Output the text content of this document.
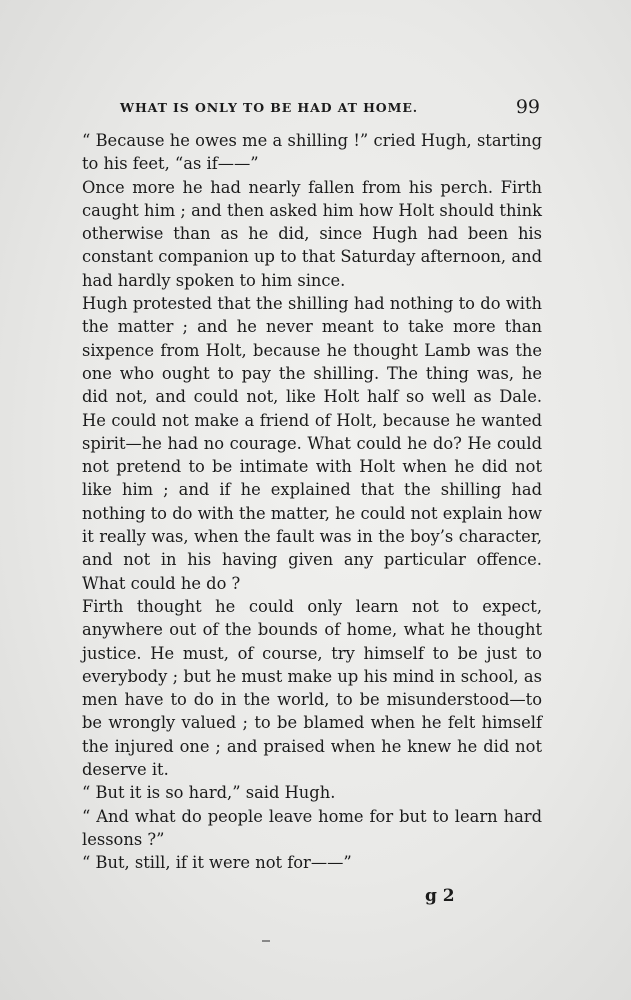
WHAT IS ONLY TO BE HAD AT HOME.	99

“ Because he owes me a shilling !” cried Hugh, starting to his feet, “as if——”

Once more he had nearly fallen from his perch. Firth caught him ; and then asked him how Holt should think otherwise than as he did, since Hugh had been his constant companion up to that Saturday afternoon, and had hardly spoken to him since.

Hugh protested that the shilling had nothing to do with the matter ; and he never meant to take more than sixpence from Holt, because he thought Lamb was the one who ought to pay the shilling. The thing was, he did not, and could not, like Holt half so well as Dale. He could not make a friend of Holt, because he wanted spirit—he had no courage. What could he do? He could not pretend to be intimate with Holt when he did not like him ; and if he explained that the shilling had nothing to do with the matter, he could not explain how it really was, when the fault was in the boy’s character, and not in his having given any particular offence. What could he do ?

Firth thought he could only learn not to expect, anywhere out of the bounds of home, what he thought justice. He must, of course, try himself to be just to everybody ; but he must make up his mind in school, as men have to do in the world, to be misunderstood—to be wrongly valued ; to be blamed when he felt himself the injured one ; and praised when he knew he did not deserve it.

“ But it is so hard,” said Hugh.

“ And what do people leave home for but to learn hard lessons ?”

“ But, still, if it were not for——”

g 2
